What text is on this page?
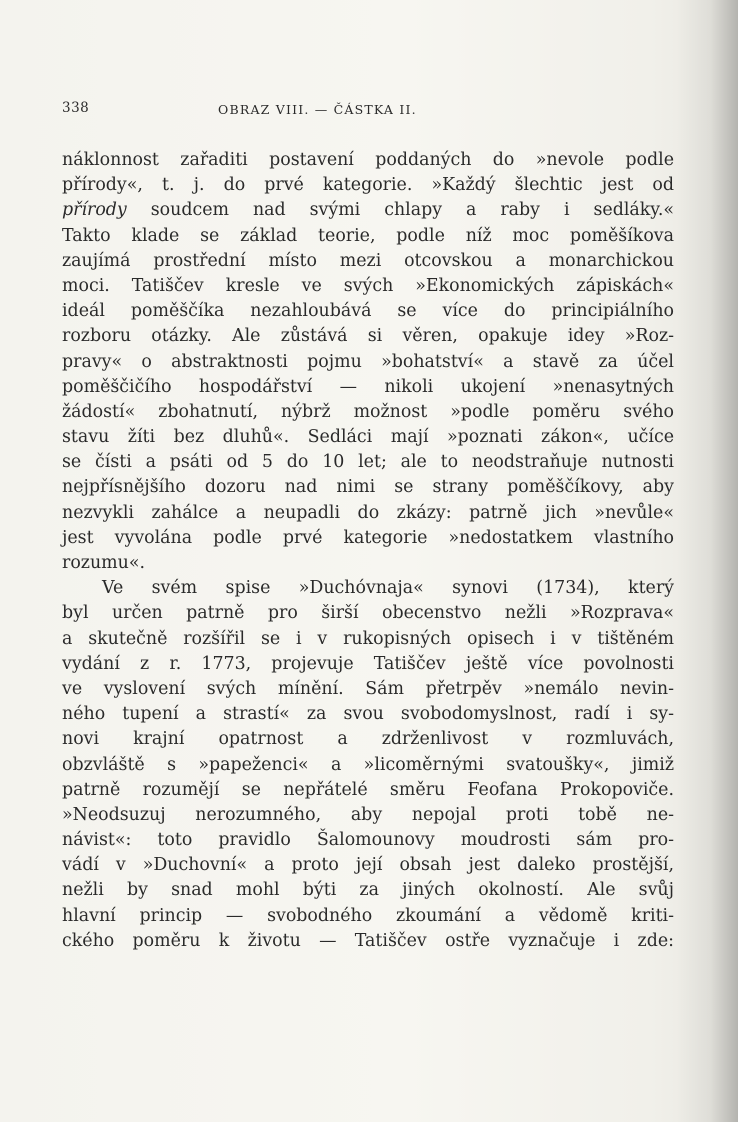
338	OBRAZ VIII. — ČÁSTKA II.
náklonnost zařaditi postavení poddaných do »nevole podle
přírody«, t. j. do prvé kategorie. »Každý šlechtic jest od
přírody soudcem nad svými chlapy a raby i sedláky.«
Takto klade se základ teorie, podle níž moc poměšíkova
zaujímá prostřední místo mezi otcovskou a monarchickou
moci. Tatiščev kresle ve svých »Ekonomických zápiskách«
ideál poměščíka nezahloubává se více do principiálního
rozboru otázky. Ale zůstává si věren, opakuje idey »Roz-
pravy« o abstraktnosti pojmu »bohatství« a stavě za účel
poměščičího hospodářství — nikoli ukojení »nenasytných
žádostí« zbohatnutí, nýbrž možnost »podle poměru svého
stavu žíti bez dluhů«. Sedláci mají »poznati zákon«, učíce
se čísti a psáti od 5 do 10 let; ale to neodstraňuje nutnosti
nejpřísnějšího dozoru nad nimi se strany poměščíkovy, aby
nezvykli zahálce a neupadli do zkázy: patrně jich »nevůle«
jest vyvolána podle prvé kategorie »nedostatkem vlastního
rozumu«.
Ve svém spise »Duchóvnaja« synovi (1734), který
byl určen patrně pro širší obecenstvo nežli »Rozprava«
a skutečně rozšířil se i v rukopisných opisech i v tištěném
vydání z r. 1773, projevuje Tatiščev ještě více povolnosti
ve vyslovení svých mínění. Sám přetrpěv »nemálo nevin-
ného tupení a strastí« za svou svobodomyslnost, radí i sy-
novi krajní opatrnost a zdrženlivost v rozmluvách,
obzvláště s »papeženci« a »licoměrnými svatoušky«, jimiž
patrně rozumějí se nepřátelé směru Feofana Prokopoviče.
»Neodsuzuj nerozumného, aby nepojal proti tobě ne-
návist«: toto pravidlo Šalomounovy moudrosti sám pro-
vádí v »Duchovní« a proto její obsah jest daleko prostější,
nežli by snad mohl býti za jiných okolností. Ale svůj
hlavní princip — svobodného zkoumání a vědomě kriti-
ckého poměru k životu — Tatiščev ostře vyznačuje i zde:
